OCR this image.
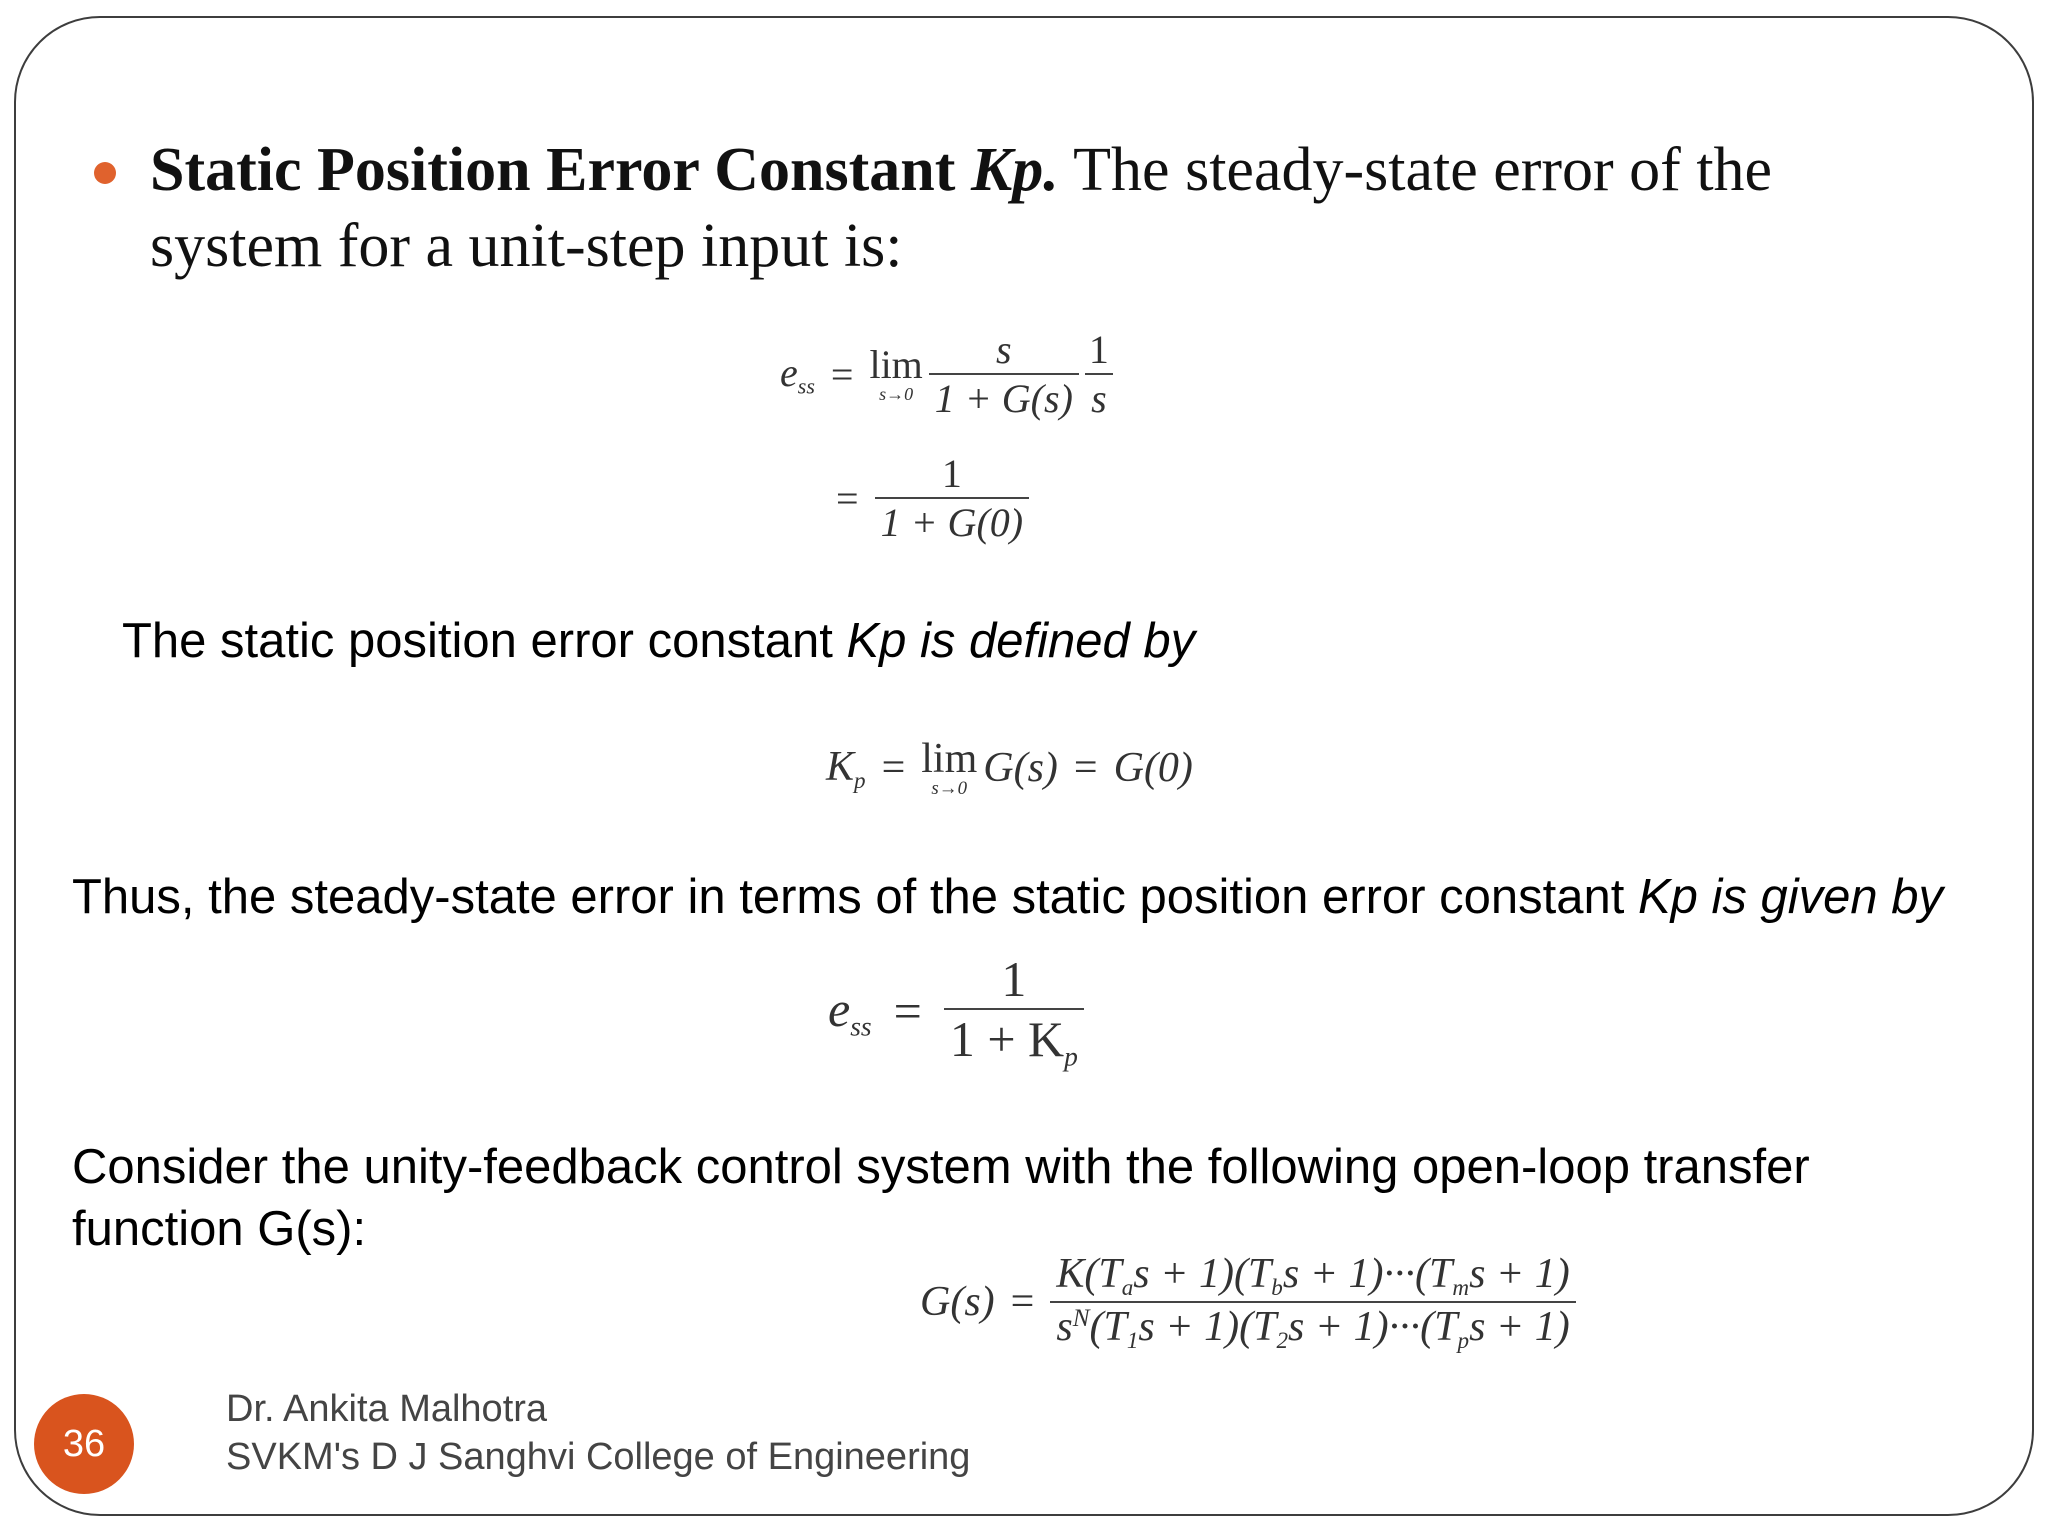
Static Position Error Constant Kp. The steady-state error of the system for a unit-step input is:
$e_{ss} = \lim$
$s\to 0 \frac{s}{1 + G(s)} \frac{1}{s}$
= $\frac{1}{1 + G(0)}$
The static position error constant Kp is defined by
$K_p = \lim$
s→0 G(s) = G(0)
Thus, the steady-state error in terms of the static position error constant Kp is given by
$e_{ss} = \frac{1}{1 + K_p}$
Consider the unity-feedback control system with the following open-loop transfer function G(s):
$G(s) = \frac{K(T_as + 1)(T_bs + 1)\cdot\cdot\cdot(T_ms + 1)}{s^N(T_1s + 1)(T_2s + 1)\cdot\cdot\cdot(T_ps + 1)}$
36
Dr. Ankita Malhotra
SVKM's D J Sanghvi College of Engineering
